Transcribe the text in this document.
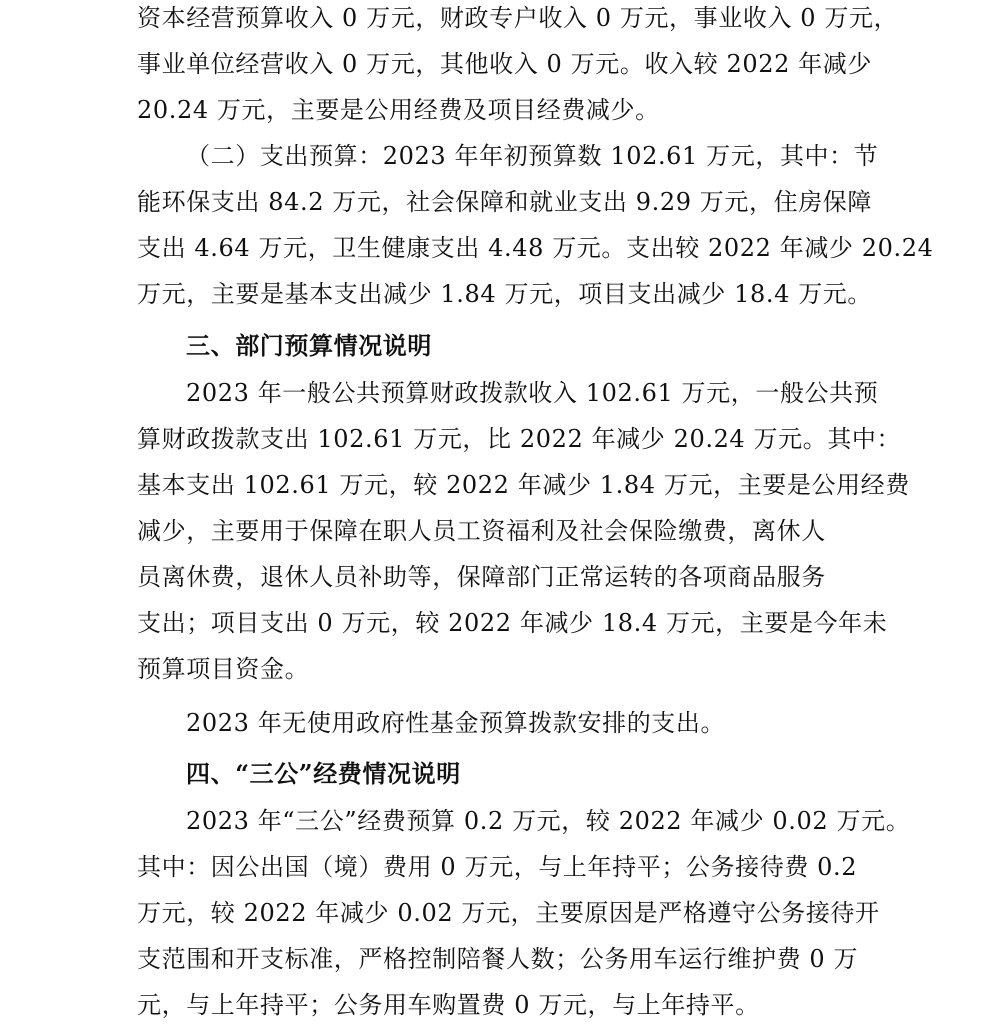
资本经营预算收入 0 万元，财政专户收入 0 万元，事业收入 0 万元，
事业单位经营收入 0 万元，其他收入 0 万元。收入较 2022 年减少
20.24 万元，主要是公用经费及项目经费减少。
（二）支出预算：2023 年年初预算数 102.61 万元，其中：节
能环保支出 84.2 万元，社会保障和就业支出 9.29 万元，住房保障
支出 4.64 万元，卫生健康支出 4.48 万元。支出较 2022 年减少 20.24
万元，主要是基本支出减少 1.84 万元，项目支出减少 18.4 万元。
三、部门预算情况说明
2023 年一般公共预算财政拨款收入 102.61 万元，一般公共预
算财政拨款支出 102.61 万元，比 2022 年减少 20.24 万元。其中：
基本支出 102.61 万元，较 2022 年减少 1.84 万元，主要是公用经费
减少，主要用于保障在职人员工资福利及社会保险缴费，离休人
员离休费，退休人员补助等，保障部门正常运转的各项商品服务
支出；项目支出 0 万元，较 2022 年减少 18.4 万元，主要是今年未
预算项目资金。
2023 年无使用政府性基金预算拨款安排的支出。
四、“三公”经费情况说明
2023 年“三公”经费预算 0.2 万元，较 2022 年减少 0.02 万元。
其中：因公出国（境）费用 0 万元，与上年持平；公务接待费 0.2
万元，较 2022 年减少 0.02 万元，主要原因是严格遵守公务接待开
支范围和开支标准，严格控制陪餐人数；公务用车运行维护费 0 万
元，与上年持平；公务用车购置费 0 万元，与上年持平。
